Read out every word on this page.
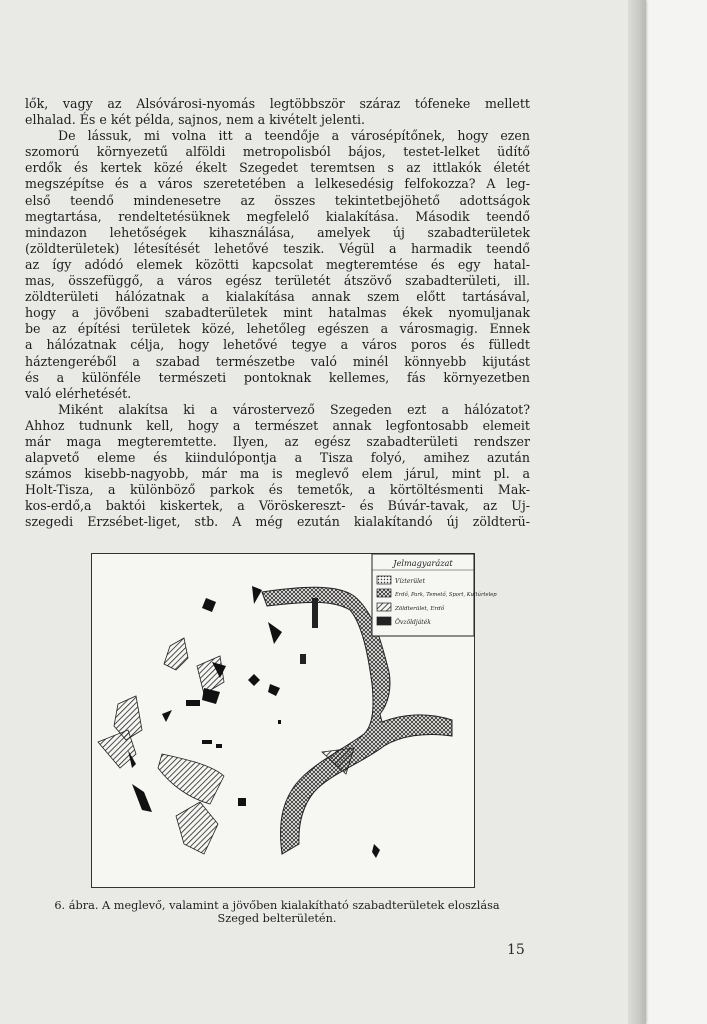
lők, vagy az Alsóvárosi-nyomás legtöbbször száraz tófeneke mellett
elhalad. És e két példa, sajnos, nem a kivételt jelenti.
De lássuk, mi volna itt a teendője a városépítőnek, hogy ezen
szomorú környezetű alföldi metropolisból bájos, testet-lelket üdítő
erdők és kertek közé ékelt Szegedet teremtsen s az ittlakók életét
megszépítse és a város szeretetében a lelkesedésig felfokozza? A leg-
első teendő mindenesetre az összes tekintetbejöhető adottságok
megtartása, rendeltetésüknek megfelelő kialakítása. Második teendő
mindazon lehetőségek kihasználása, amelyek új szabadterületek
(zöldterületek) létesítését lehetővé teszik. Végül a harmadik teendő
az így adódó elemek közötti kapcsolat megteremtése és egy hatal-
mas, összefüggő, a város egész területét átszövő szabadterületi, ill.
zöldterületi hálózatnak a kialakítása annak szem előtt tartásával,
hogy a jövőbeni szabadterületek mint hatalmas ékek nyomuljanak
be az építési területek közé, lehetőleg egészen a városmagig. Ennek
a hálózatnak célja, hogy lehetővé tegye a város poros és fülledt
háztengeréből a szabad természetbe való minél könnyebb kijutást
és a különféle természeti pontoknak kellemes, fás környezetben
való elérhetését.
Miként alakítsa ki a várostervező Szegeden ezt a hálózatot?
Ahhoz tudnunk kell, hogy a természet annak legfontosabb elemeit
már maga megteremtette. Ilyen, az egész szabadterületi rendszer
alapvető eleme és kiindulópontja a Tisza folyó, amihez azután
számos kisebb-nagyobb, már ma is meglevő elem járul, mint pl. a
Holt-Tisza, a különböző parkok és temetők, a körtöltésmenti Mak-
kos-erdő,a baktói kiskertek, a Vöröskereszt- és Búvár-tavak, az Uj-
szegedi Erzsébet-liget, stb. A még ezután kialakítandó új zöldterü-
Jelmagyarázat
Vízterület
Erdő, Park, Temető, Sport, Kultúrtelep
Zöldterület, Erdő
Övzöldjáték
6. ábra. A meglevő, valamint a jövőben kialakítható szabadterületek eloszlása
Szeged belterületén.
15
